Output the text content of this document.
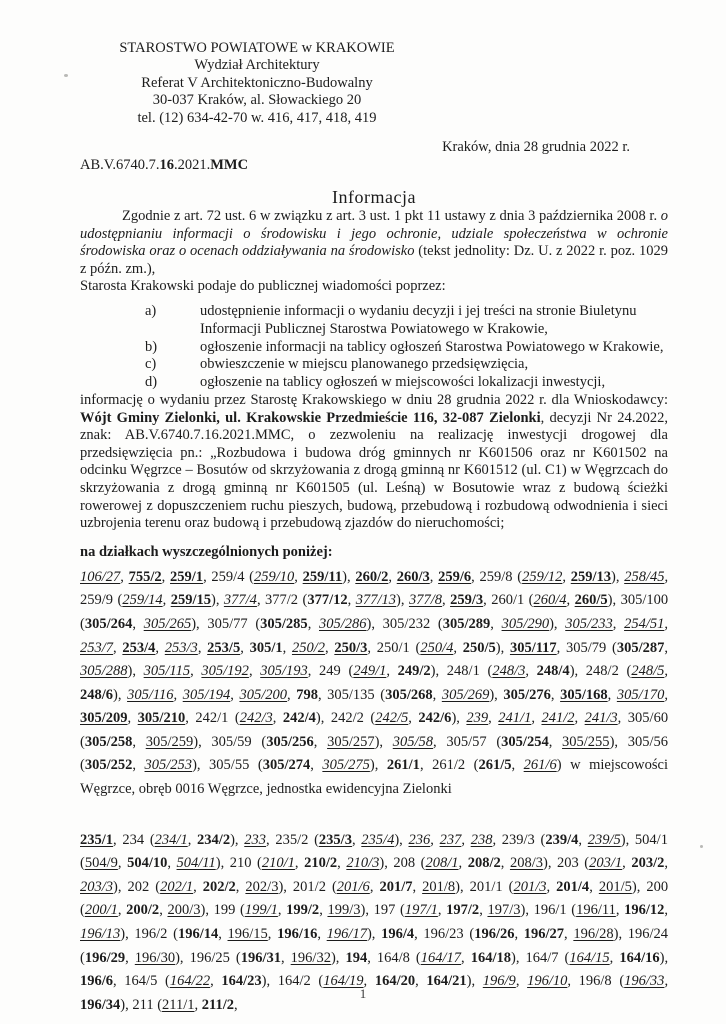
STAROSTWO POWIATOWE w KRAKOWIE
Wydział Architektury
Referat V Architektoniczno-Budowalny
30-037 Kraków, al. Słowackiego 20
tel. (12) 634-42-70 w. 416, 417, 418, 419
Kraków, dnia 28 grudnia 2022 r.
AB.V.6740.7.16.2021.MMC
Informacja

Zgodnie z art. 72 ust. 6 w związku z art. 3 ust. 1 pkt 11 ustawy z dnia 3 października 2008 r. o udostępnianiu informacji o środowisku i jego ochronie, udziale społeczeństwa w ochronie środowiska oraz o ocenach oddziaływania na środowisko (tekst jednolity: Dz. U. z 2022 r. poz. 1029 z późn. zm.),

Starosta Krakowski podaje do publicznej wiadomości poprzez:

a)	udostępnienie informacji o wydaniu decyzji i jej treści na stronie Biuletynu Informacji Publicznej Starostwa Powiatowego w Krakowie,
b)	ogłoszenie informacji na tablicy ogłoszeń Starostwa Powiatowego w Krakowie,
c)	obwieszczenie w miejscu planowanego przedsięwzięcia,
d)	ogłoszenie na tablicy ogłoszeń w miejscowości lokalizacji inwestycji,

informację o wydaniu przez Starostę Krakowskiego w dniu 28 grudnia 2022 r. dla Wnioskodawcy: Wójt Gminy Zielonki, ul. Krakowskie Przedmieście 116, 32-087 Zielonki, decyzji Nr 24.2022, znak: AB.V.6740.7.16.2021.MMC, o zezwoleniu na realizację inwestycji drogowej dla przedsięwzięcia pn.: „Rozbudowa i budowa dróg gminnych nr K601506 oraz nr K601502 na odcinku Węgrzce – Bosutów od skrzyżowania z drogą gminną nr K601512 (ul. C1) w Węgrzcach do skrzyżowania z drogą gminną nr K601505 (ul. Leśną) w Bosutowie wraz z budową ścieżki rowerowej z dopuszczeniem ruchu pieszych, budową, przebudową i rozbudową odwodnienia i sieci uzbrojenia terenu oraz budową i przebudową zjazdów do nieruchomości;

na działkach wyszczególnionych poniżej:

106/27, 755/2, 259/1, 259/4 (259/10, 259/11), 260/2, 260/3, 259/6, 259/8 (259/12, 259/13), 258/45, 259/9 (259/14, 259/15), 377/4, 377/2 (377/12, 377/13), 377/8, 259/3, 260/1 (260/4, 260/5), 305/100 (305/264, 305/265), 305/77 (305/285, 305/286), 305/232 (305/289, 305/290), 305/233, 254/51, 253/7, 253/4, 253/3, 253/5, 305/1, 250/2, 250/3, 250/1 (250/4, 250/5), 305/117, 305/79 (305/287, 305/288), 305/115, 305/192, 305/193, 249 (249/1, 249/2), 248/1 (248/3, 248/4), 248/2 (248/5, 248/6), 305/116, 305/194, 305/200, 798, 305/135 (305/268, 305/269), 305/276, 305/168, 305/170, 305/209, 305/210, 242/1 (242/3, 242/4), 242/2 (242/5, 242/6), 239, 241/1, 241/2, 241/3, 305/60 (305/258, 305/259), 305/59 (305/256, 305/257), 305/58, 305/57 (305/254, 305/255), 305/56 (305/252, 305/253), 305/55 (305/274, 305/275), 261/1, 261/2 (261/5, 261/6) w miejscowości Węgrzce, obręb 0016 Węgrzce, jednostka ewidencyjna Zielonki
235/1, 234 (234/1, 234/2), 233, 235/2 (235/3, 235/4), 236, 237, 238, 239/3 (239/4, 239/5), 504/1 (504/9, 504/10, 504/11), 210 (210/1, 210/2, 210/3), 208 (208/1, 208/2, 208/3), 203 (203/1, 203/2, 203/3), 202 (202/1, 202/2, 202/3), 201/2 (201/6, 201/7, 201/8), 201/1 (201/3, 201/4, 201/5), 200 (200/1, 200/2, 200/3), 199 (199/1, 199/2, 199/3), 197 (197/1, 197/2, 197/3), 196/1 (196/11, 196/12, 196/13), 196/2 (196/14, 196/15, 196/16, 196/17), 196/4, 196/23 (196/26, 196/27, 196/28), 196/24 (196/29, 196/30), 196/25 (196/31, 196/32), 194, 164/8 (164/17, 164/18), 164/7 (164/15, 164/16), 196/6, 164/5 (164/22, 164/23), 164/2 (164/19, 164/20, 164/21), 196/9, 196/10, 196/8 (196/33, 196/34), 211 (211/1, 211/2,
1
